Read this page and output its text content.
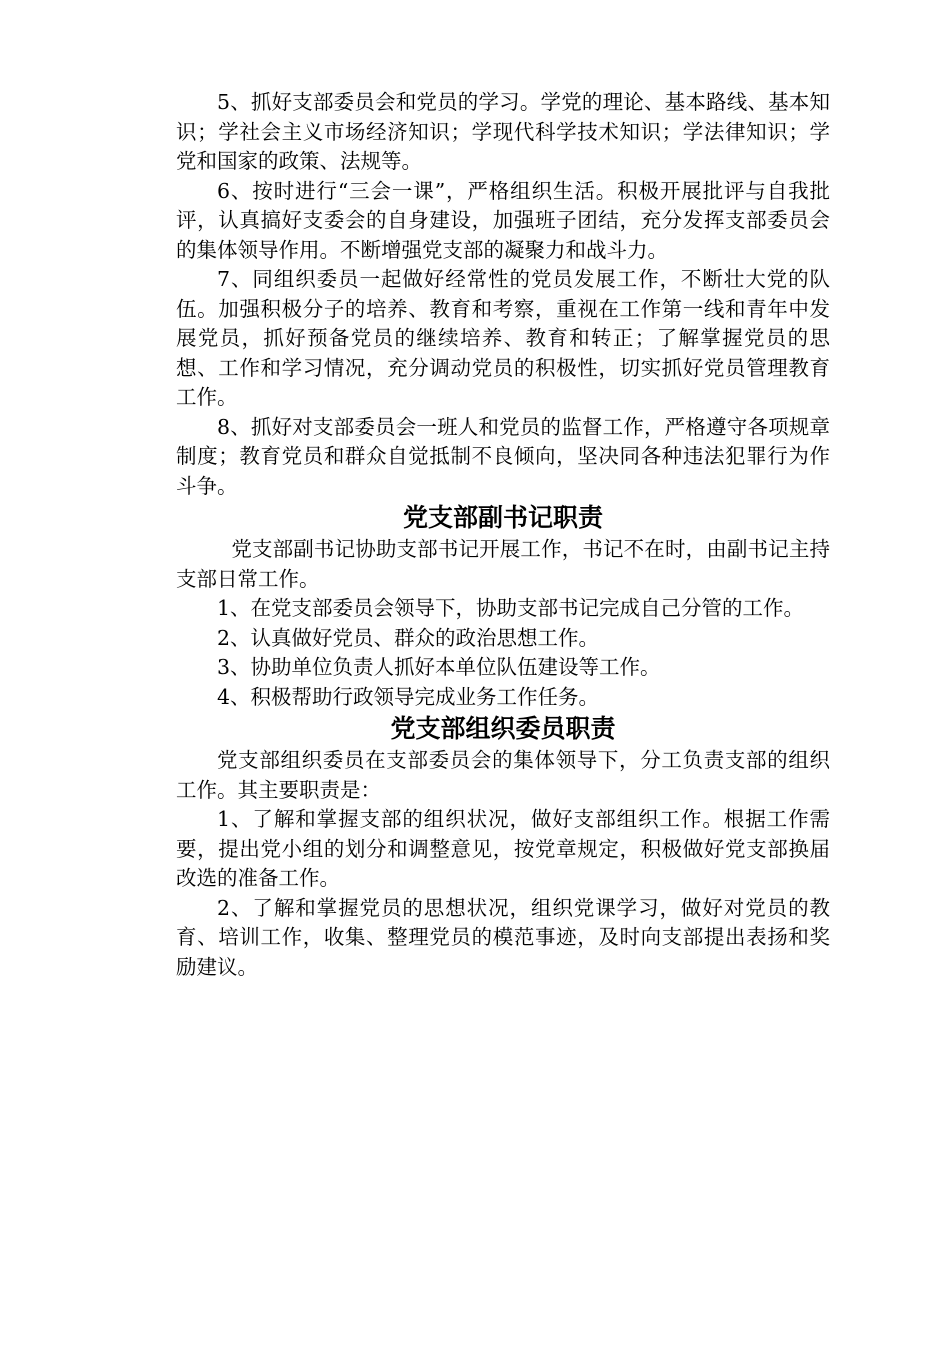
5、抓好支部委员会和党员的学习。学党的理论、基本路线、基本知识；学社会主义市场经济知识；学现代科学技术知识；学法律知识；学党和国家的政策、法规等。

6、按时进行“三会一课”，严格组织生活。积极开展批评与自我批评，认真搞好支委会的自身建设，加强班子团结，充分发挥支部委员会的集体领导作用。不断增强党支部的凝聚力和战斗力。

7、同组织委员一起做好经常性的党员发展工作，不断壮大党的队伍。加强积极分子的培养、教育和考察，重视在工作第一线和青年中发展党员，抓好预备党员的继续培养、教育和转正；了解掌握党员的思想、工作和学习情况，充分调动党员的积极性，切实抓好党员管理教育工作。

8、抓好对支部委员会一班人和党员的监督工作，严格遵守各项规章制度；教育党员和群众自觉抵制不良倾向，坚决同各种违法犯罪行为作斗争。

党支部副书记职责

党支部副书记协助支部书记开展工作，书记不在时，由副书记主持支部日常工作。

1、在党支部委员会领导下，协助支部书记完成自己分管的工作。

2、认真做好党员、群众的政治思想工作。

3、协助单位负责人抓好本单位队伍建设等工作。

4、积极帮助行政领导完成业务工作任务。

党支部组织委员职责

党支部组织委员在支部委员会的集体领导下，分工负责支部的组织工作。其主要职责是：

1、了解和掌握支部的组织状况，做好支部组织工作。根据工作需要，提出党小组的划分和调整意见，按党章规定，积极做好党支部换届改选的准备工作。

2、了解和掌握党员的思想状况，组织党课学习，做好对党员的教育、培训工作，收集、整理党员的模范事迹，及时向支部提出表扬和奖励建议。
